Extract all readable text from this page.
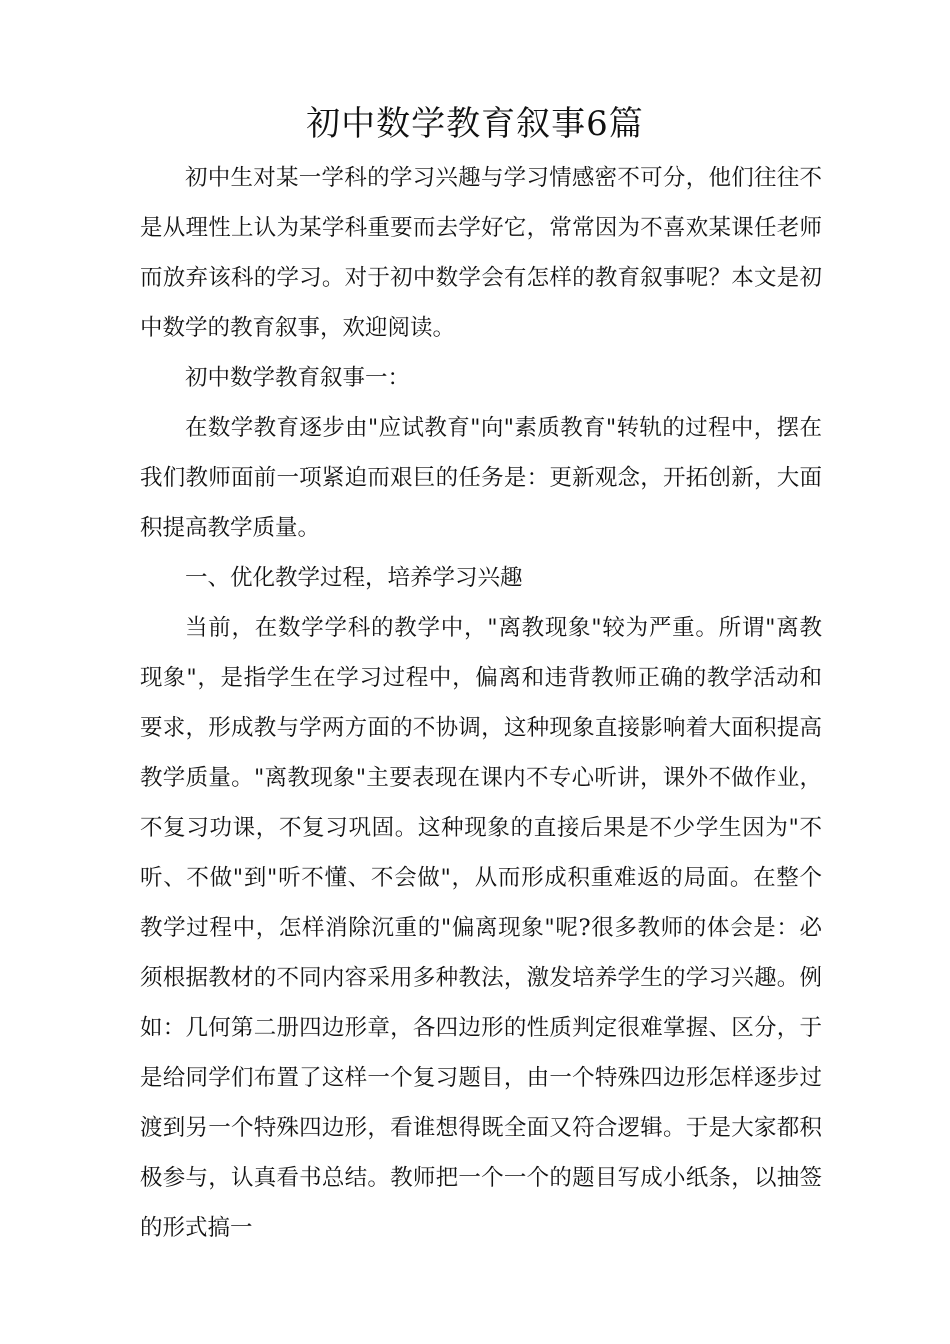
初中数学教育叙事6篇

初中生对某一学科的学习兴趣与学习情感密不可分，他们往往不是从理性上认为某学科重要而去学好它，常常因为不喜欢某课任老师而放弃该科的学习。对于初中数学会有怎样的教育叙事呢？本文是初中数学的教育叙事，欢迎阅读。

初中数学教育叙事一：

在数学教育逐步由"应试教育"向"素质教育"转轨的过程中，摆在我们教师面前一项紧迫而艰巨的任务是：更新观念，开拓创新，大面积提高教学质量。

一、优化教学过程，培养学习兴趣

当前，在数学学科的教学中，"离教现象"较为严重。所谓"离教现象"，是指学生在学习过程中，偏离和违背教师正确的教学活动和要求，形成教与学两方面的不协调，这种现象直接影响着大面积提高教学质量。"离教现象"主要表现在课内不专心听讲，课外不做作业，不复习功课，不复习巩固。这种现象的直接后果是不少学生因为"不听、不做"到"听不懂、不会做"，从而形成积重难返的局面。在整个教学过程中，怎样消除沉重的"偏离现象"呢?很多教师的体会是：必须根据教材的不同内容采用多种教法，激发培养学生的学习兴趣。例如：几何第二册四边形章，各四边形的性质判定很难掌握、区分，于是给同学们布置了这样一个复习题目，由一个特殊四边形怎样逐步过渡到另一个特殊四边形，看谁想得既全面又符合逻辑。于是大家都积极参与，认真看书总结。教师把一个一个的题目写成小纸条，以抽签的形式搞一
